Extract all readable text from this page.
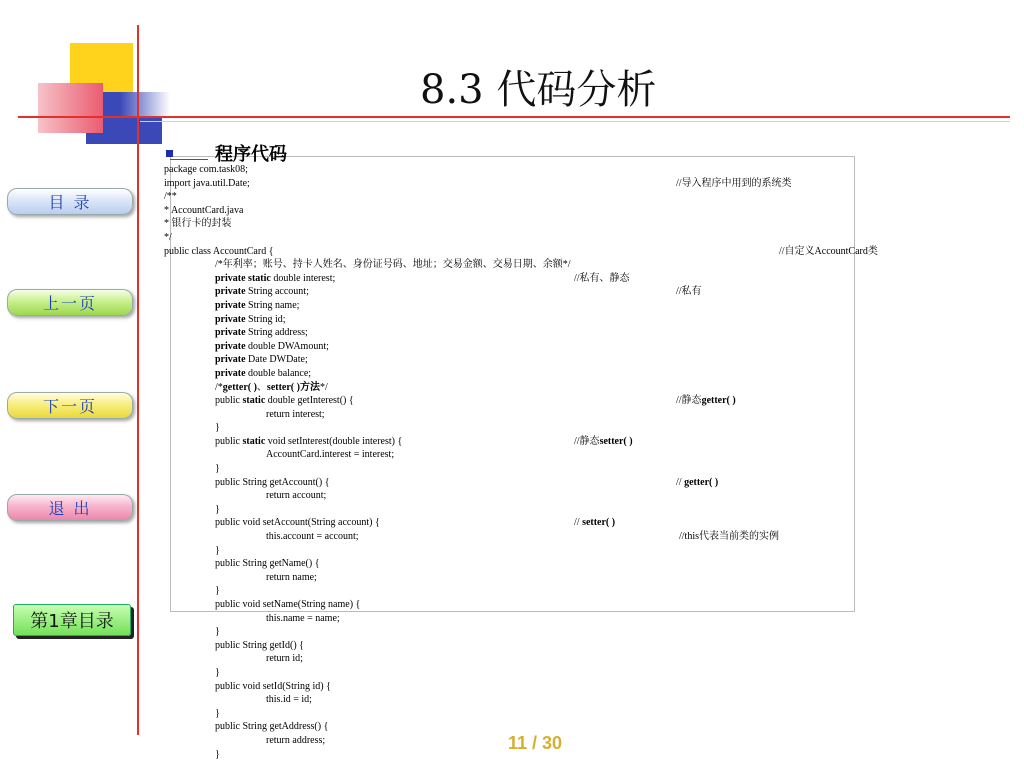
8.3 代码分析
目 录
上一页
下一页
退 出
第1章目录
程序代码
package com.task08;
import java.util.Date;	//导入程序中用到的系统类
/**
* AccountCard.java
* 银行卡的封装
*/
public class AccountCard {	//自定义AccountCard类
/*年利率；账号、持卡人姓名、身份证号码、地址；交易金额、交易日期、余额*/
private static double interest;	//私有、静态
private String account;	//私有
private String name;
private String id;
private String address;
private double DWAmount;
private Date DWDate;
private double balance;
/*getter( )、setter( )方法*/
public static double getInterest() {	//静态getter( )
return interest;
}
public static void setInterest(double interest) {	//静态setter( )
AccountCard.interest = interest;
}
public String getAccount() {	// getter( )
return account;
}
public void setAccount(String account) {	// setter( )
this.account = account;	//this代表当前类的实例
}
public String getName() {
return name;
}
public void setName(String name) {
this.name = name;
}
public String getId() {
return id;
}
public void setId(String id) {
this.id = id;
}
public String getAddress() {
return address;
}
11 / 30
